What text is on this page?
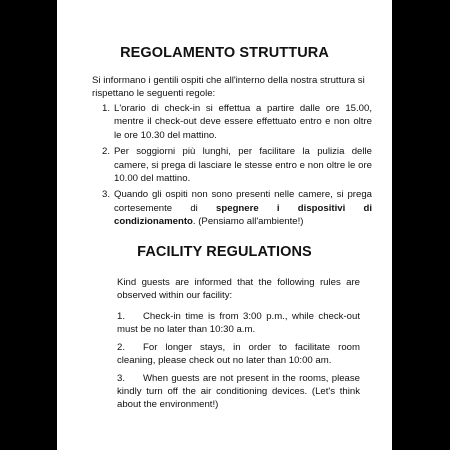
REGOLAMENTO STRUTTURA

Si informano i gentili ospiti che all'interno della nostra struttura si rispettano le seguenti regole:

1. L'orario di check-in si effettua a partire dalle ore 15.00, mentre il check-out deve essere effettuato entro e non oltre le ore 10.30 del mattino.
2. Per soggiorni più lunghi, per facilitare la pulizia delle camere, si prega di lasciare le stesse entro e non oltre le ore 10.00 del mattino.
3. Quando gli ospiti non sono presenti nelle camere, si prega cortesemente di spegnere i dispositivi di condizionamento. (Pensiamo all'ambiente!)
FACILITY REGULATIONS

Kind guests are informed that the following rules are observed within our facility:

1. Check-in time is from 3:00 p.m., while check-out must be no later than 10:30 a.m.
2. For longer stays, in order to facilitate room cleaning, please check out no later than 10:00 am.
3. When guests are not present in the rooms, please kindly turn off the air conditioning devices. (Let's think about the environment!)
